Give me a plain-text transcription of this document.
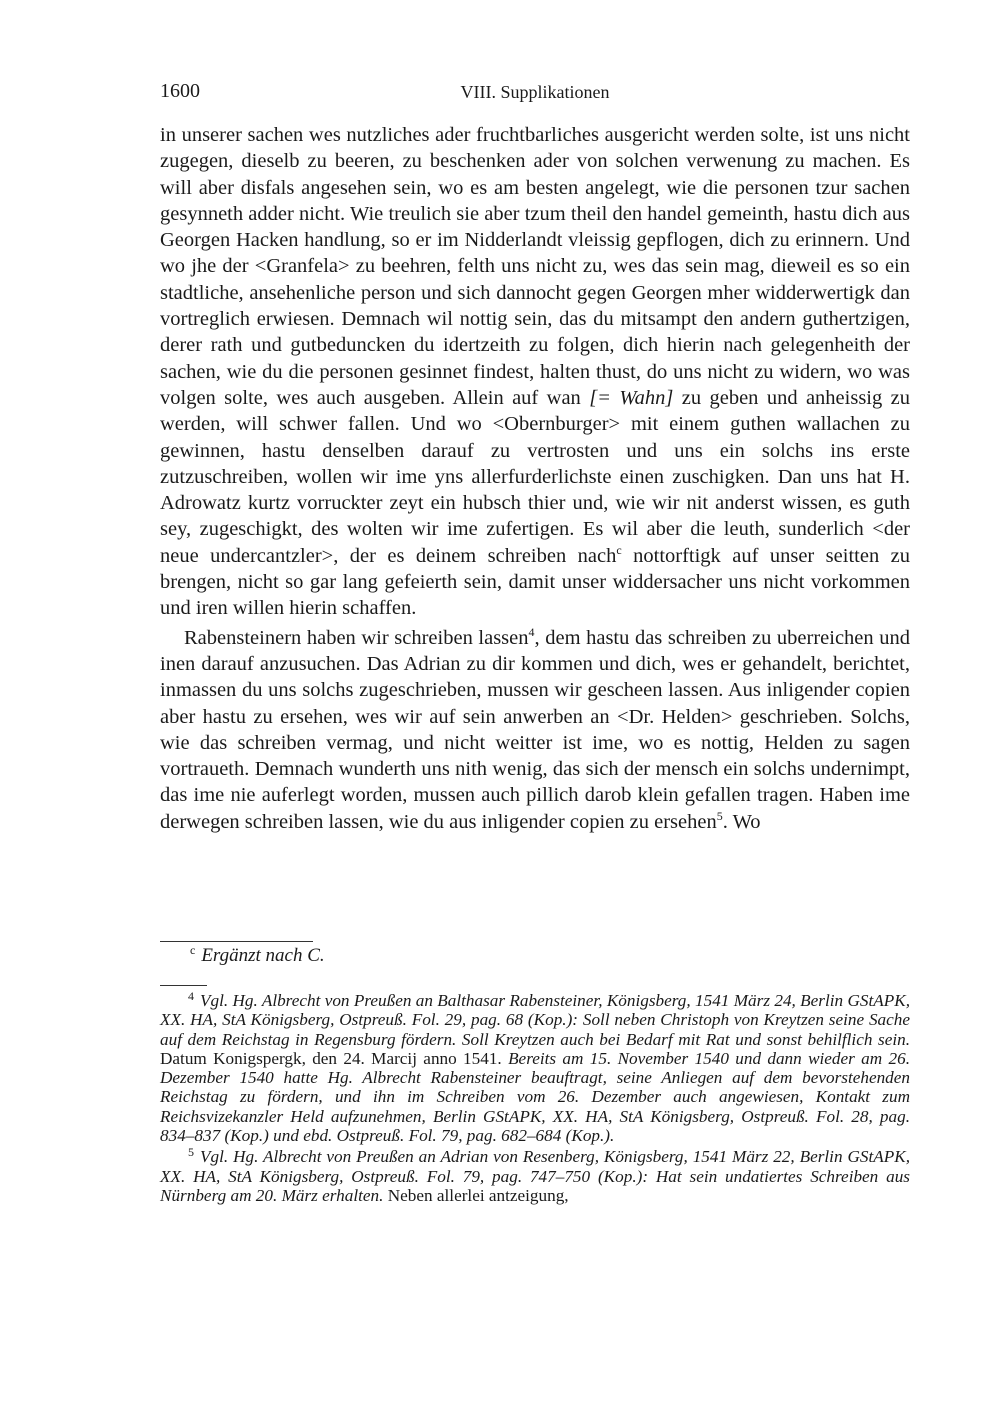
1600	VIII. Supplikationen

in unserer sachen wes nutzliches ader fruchtbarliches ausgericht werden solte, ist uns nicht zugegen, dieselb zu beeren, zu beschenken ader von solchen verwenung zu machen. Es will aber disfals angesehen sein, wo es am besten angelegt, wie die personen tzur sachen gesynneth adder nicht. Wie treulich sie aber tzum theil den handel gemeinth, hastu dich aus Georgen Hacken handlung, so er im Nidderlandt vleissig gepflogen, dich zu erinnern. Und wo jhe der <Granfela> zu beehren, felth uns nicht zu, wes das sein mag, dieweil es so ein stadtliche, ansehenliche person und sich dannocht gegen Georgen mher widderwertigk dan vortreglich erwiesen. Demnach wil nottig sein, das du mitsampt den andern guthertzigen, derer rath und gutbeduncken du idertzeith zu folgen, dich hierin nach gelegenheith der sachen, wie du die personen gesinnet findest, halten thust, do uns nicht zu widern, wo was volgen solte, wes auch ausgeben. Allein auf wan [= Wahn] zu geben und anheissig zu werden, will schwer fallen. Und wo <Obernburger> mit einem guthen wallachen zu gewinnen, hastu denselben darauf zu vertrosten und uns ein solchs ins erste zutzuschreiben, wollen wir ime yns allerfurderlichste einen zuschigken. Dan uns hat H. Adrowatz kurtz vorruckter zeyt ein hubsch thier und, wie wir nit anderst wissen, es guth sey, zugeschigkt, des wolten wir ime zufertigen. Es wil aber die leuth, sunderlich <der neue undercantzler>, der es deinem schreiben nach$^c$ nottorftigk auf unser seitten zu brengen, nicht so gar lang gefeierth sein, damit unser widdersacher uns nicht vorkommen und iren willen hierin schaffen.

Rabensteinern haben wir schreiben lassen$^4$, dem hastu das schreiben zu uberreichen und inen darauf anzusuchen. Das Adrian zu dir kommen und dich, wes er gehandelt, berichtet, inmassen du uns solchs zugeschrieben, mussen wir gescheen lassen. Aus inligender copien aber hastu zu ersehen, wes wir auf sein anwerben an <Dr. Helden> geschrieben. Solchs, wie das schreiben vermag, und nicht weitter ist ime, wo es nottig, Helden zu sagen vortraueth. Demnach wunderth uns nith wenig, das sich der mensch ein solchs undernimpt, das ime nie auferlegt worden, mussen auch pillich darob klein gefallen tragen. Haben ime derwegen schreiben lassen, wie du aus inligender copien zu ersehen$^5$. Wo

$^c$ Ergänzt nach C.

$^4$ Vgl. Hg. Albrecht von Preußen an Balthasar Rabensteiner, Königsberg, 1541 März 24, Berlin GStAPK, XX. HA, StA Königsberg, Ostpreuß. Fol. 29, pag. 68 (Kop.): Soll neben Christoph von Kreytzen seine Sache auf dem Reichstag in Regensburg fördern. Soll Kreytzen auch bei Bedarf mit Rat und sonst behilflich sein. Datum Konigspergk, den 24. Marcij anno 1541. Bereits am 15. November 1540 und dann wieder am 26. Dezember 1540 hatte Hg. Albrecht Rabensteiner beauftragt, seine Anliegen auf dem bevorstehenden Reichstag zu fördern, und ihn im Schreiben vom 26. Dezember auch angewiesen, Kontakt zum Reichsvizekanzler Held aufzunehmen, Berlin GStAPK, XX. HA, StA Königsberg, Ostpreuß. Fol. 28, pag. 834–837 (Kop.) und ebd. Ostpreuß. Fol. 79, pag. 682–684 (Kop.).

$^5$ Vgl. Hg. Albrecht von Preußen an Adrian von Resenberg, Königsberg, 1541 März 22, Berlin GStAPK, XX. HA, StA Königsberg, Ostpreuß. Fol. 79, pag. 747–750 (Kop.): Hat sein undatiertes Schreiben aus Nürnberg am 20. März erhalten. Neben allerlei antzeigung,
